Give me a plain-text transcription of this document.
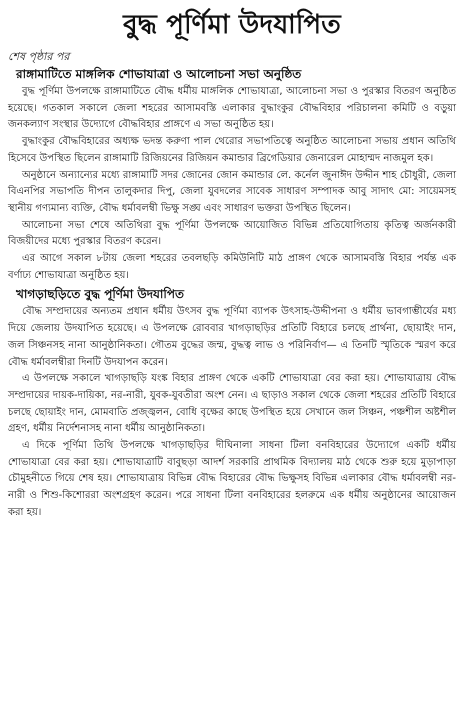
বুদ্ধ পূর্ণিমা উদযাপিত
শেষ পৃষ্ঠার পর
রাঙ্গামাটিতে মাঙ্গলিক শোভাযাত্রা ও আলোচনা সভা অনুষ্ঠিত

বুদ্ধ পূর্ণিমা উপলক্ষে রাঙ্গামাটিতে বৌদ্ধ ধর্মীয় মাঙ্গলিক শোভাযাত্রা, আলোচনা সভা ও পুরস্কার বিতরণ অনুষ্ঠিত হয়েছে। গতকাল সকালে জেলা শহরের আসামবস্তি এলাকার বুদ্ধাংকুর বৌদ্ধবিহার পরিচালনা কমিটি ও বড়ুয়া জনকল্যাণ সংস্থার উদ্যোগে বৌদ্ধবিহার প্রাঙ্গণে এ সভা অনুষ্ঠিত হয়।

বুদ্ধাংকুর বৌদ্ধবিহারের অধ্যক্ষ ভদন্ত করুণা পাল থেরোর সভাপতিত্বে অনুষ্ঠিত আলোচনা সভায় প্রধান অতিথি হিসেবে উপস্থিত ছিলেন রাঙ্গামাটি রিজিয়নের রিজিয়ন কমান্ডার ব্রিগেডিয়ার জেনারেল মোহাম্মদ নাজমুল হক।

অনুষ্ঠানে অন্যান্যের মধ্যে রাঙ্গামাটি সদর জোনের জোন কমান্ডার লে. কর্নেল জুনাঈদ উদ্দীন শাহ চৌধুরী, জেলা বিএনপির সভাপতি দীপন তালুকদার দিপু, জেলা যুবদলের সাবেক সাধারণ সম্পাদক আবু সাদাৎ মো: সায়েমসহ স্থানীয় গণ্যমান্য ব্যক্তি, বৌদ্ধ ধর্মাবলম্বী ভিক্ষু সঙ্ঘ এবং সাধারণ ভক্তরা উপস্থিত ছিলেন।

আলোচনা সভা শেষে অতিথিরা বুদ্ধ পূর্ণিমা উপলক্ষে আয়োজিত বিভিন্ন প্রতিযোগিতায় কৃতিত্ব অর্জনকারী বিজয়ীদের মধ্যে পুরস্কার বিতরণ করেন।

এর আগে সকাল ৮টায় জেলা শহরের তবলছড়ি কমিউনিটি মাঠ প্রাঙ্গণ থেকে আসামবস্তি বিহার পর্যন্ত এক বর্ণাঢ্য শোভাযাত্রা অনুষ্ঠিত হয়।

খাগড়াছড়িতে বুদ্ধ পূর্ণিমা উদযাপিত

বৌদ্ধ সম্প্রদায়ের অন্যতম প্রধান ধর্মীয় উৎসব বুদ্ধ পূর্ণিমা ব্যাপক উৎসাহ-উদ্দীপনা ও ধর্মীয় ভাবগাম্ভীর্যের মধ্য দিয়ে জেলায় উদযাপিত হয়েছে। এ উপলক্ষে রোববার খাগড়াছড়ির প্রতিটি বিহারে চলছে প্রার্থনা, ছোয়াইং দান, জল সিঞ্চনসহ নানা আনুষ্ঠানিকতা। গৌতম বুদ্ধের জন্ম, বুদ্ধত্ব লাভ ও পরিনির্বাণ— এ তিনটি স্মৃতিকে স্মরণ করে বৌদ্ধ ধর্মাবলম্বীরা দিনটি উদযাপন করেন।

এ উপলক্ষে সকালে খাগড়াছড়ি যংঙ্ক বিহার প্রাঙ্গণ থেকে একটি শোভাযাত্রা বের করা হয়। শোভাযাত্রায় বৌদ্ধ সম্প্রদায়ের দায়ক-দায়িকা, নর-নারী, যুবক-যুবতীরা অংশ নেন। এ ছাড়াও সকাল থেকে জেলা শহরের প্রতিটি বিহারে চলছে ছোয়াইং দান, মোমবাতি প্রজ্জ্বলন, বোধি বৃক্ষের কাছে উপস্থিত হয়ে সেখানে জল সিঞ্চন, পঞ্চশীল অষ্টশীল গ্রহণ, ধর্মীয় নির্দেশনাসহ নানা ধর্মীয় আনুষ্ঠানিকতা।

এ দিকে পূর্ণিমা তিথি উপলক্ষে খাগড়াছড়ির দীঘিনালা সাধনা টিলা বনবিহারের উদ্যোগে একটি ধর্মীয় শোভাযাত্রা বের করা হয়। শোভাযাত্রাটি বাবুছড়া আদর্শ সরকারি প্রাথমিক বিদ্যালয় মাঠ থেকে শুরু হয়ে মুড়াপাড়া চৌমুহনীতে গিয়ে শেষ হয়। শোভাযাত্রায় বিভিন্ন বৌদ্ধ বিহারের বৌদ্ধ ভিক্ষুসহ বিভিন্ন এলাকার বৌদ্ধ ধর্মাবলম্বী নর-নারী ও শিশু-কিশোররা অংশগ্রহণ করেন। পরে সাধনা টিলা বনবিহারের হলরুমে এক ধর্মীয় অনুষ্ঠানের আয়োজন করা হয়।
